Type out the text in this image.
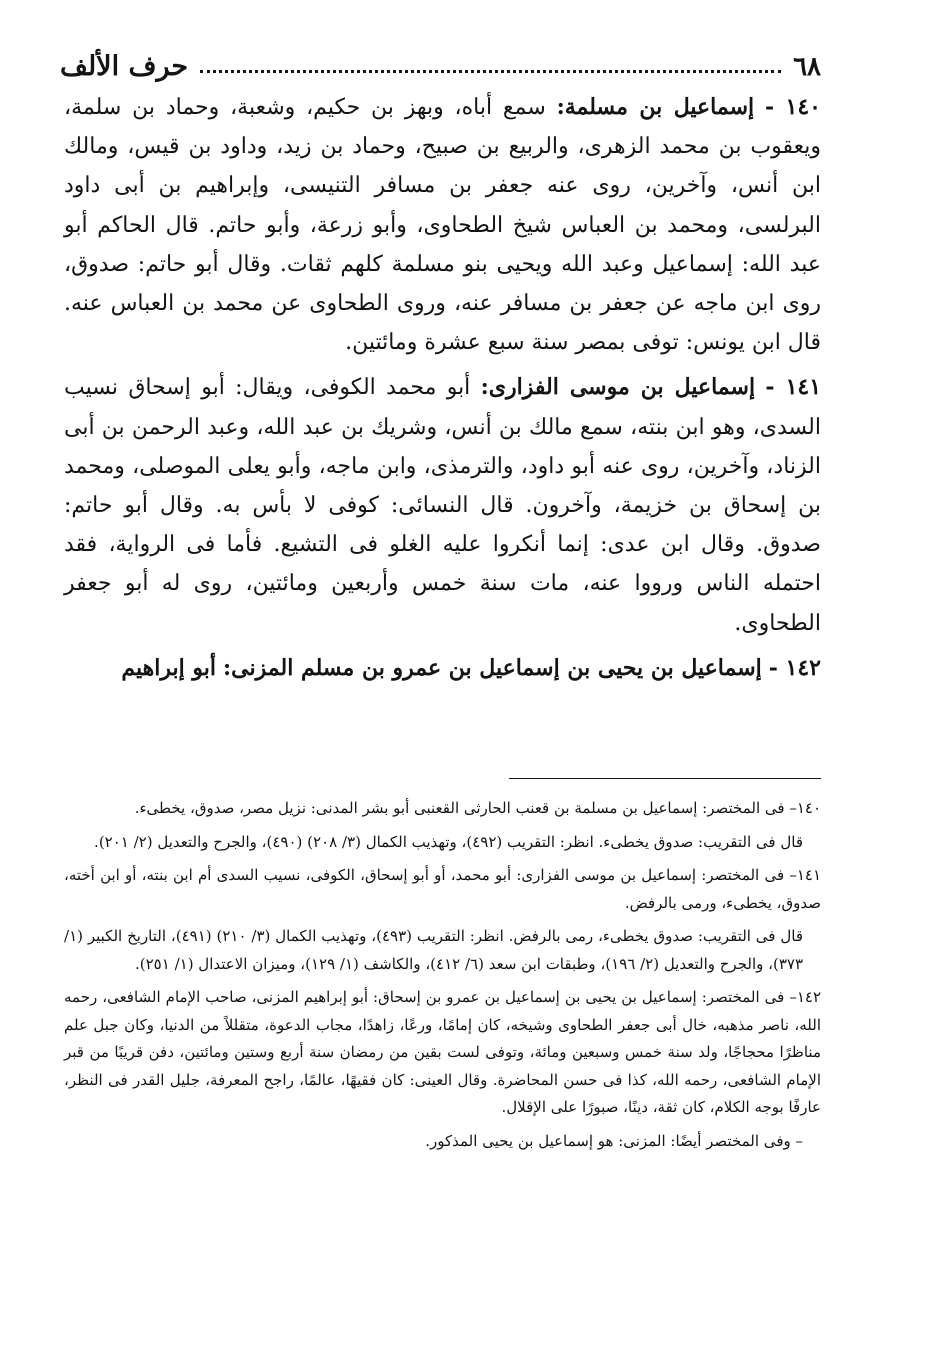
٦٨
حرف الألف

١٤٠ - إسماعيل بن مسلمة: سمع أباه، وبهز بن حكيم، وشعبة، وحماد بن سلمة، ويعقوب بن محمد الزهرى، والربيع بن صبيح، وحماد بن زيد، وداود بن قيس، ومالك ابن أنس، وآخرين، روى عنه جعفر بن مسافر التنيسى، وإبراهيم بن أبى داود البرلسى، ومحمد بن العباس شيخ الطحاوى، وأبو زرعة، وأبو حاتم. قال الحاكم أبو عبد الله: إسماعيل وعبد الله ويحيى بنو مسلمة كلهم ثقات. وقال أبو حاتم: صدوق، روى ابن ماجه عن جعفر بن مسافر عنه، وروى الطحاوى عن محمد بن العباس عنه. قال ابن يونس: توفى بمصر سنة سبع عشرة ومائتين.

١٤١ - إسماعيل بن موسى الفزارى: أبو محمد الكوفى، ويقال: أبو إسحاق نسيب السدى، وهو ابن بنته، سمع مالك بن أنس، وشريك بن عبد الله، وعبد الرحمن بن أبى الزناد، وآخرين، روى عنه أبو داود، والترمذى، وابن ماجه، وأبو يعلى الموصلى، ومحمد بن إسحاق بن خزيمة، وآخرون. قال النسائى: كوفى لا بأس به. وقال أبو حاتم: صدوق. وقال ابن عدى: إنما أنكروا عليه الغلو فى التشيع. فأما فى الرواية، فقد احتمله الناس ورووا عنه، مات سنة خمس وأربعين ومائتين، روى له أبو جعفر الطحاوى.

١٤٢ - إسماعيل بن يحيى بن إسماعيل بن عمرو بن مسلم المزنى: أبو إبراهيم

١٤٠– فى المختصر: إسماعيل بن مسلمة بن قعنب الحارثى القعنبى أبو بشر المدنى: نزيل مصر، صدوق، يخطىء.

قال فى التقريب: صدوق يخطىء. انظر: التقريب (٤٩٢)، وتهذيب الكمال (٣/ ٢٠٨) (٤٩٠)، والجرح والتعديل (٢/ ٢٠١).

١٤١– فى المختصر: إسماعيل بن موسى الفزارى: أبو محمد، أو أبو إسحاق، الكوفى، نسيب السدى أم ابن بنته، أو ابن أخته، صدوق، يخطىء، ورمى بالرفض.

قال فى التقريب: صدوق يخطىء، رمى بالرفض. انظر: التقريب (٤٩٣)، وتهذيب الكمال (٣/ ٢١٠) (٤٩١)، التاريخ الكبير (١/ ٣٧٣)، والجرح والتعديل (٢/ ١٩٦)، وطبقات ابن سعد (٦/ ٤١٢)، والكاشف (١/ ١٢٩)، وميزان الاعتدال (١/ ٢٥١).

١٤٢– فى المختصر: إسماعيل بن يحيى بن إسماعيل بن عمرو بن إسحاق: أبو إبراهيم المزنى، صاحب الإمام الشافعى، رحمه الله، ناصر مذهبه، خال أبى جعفر الطحاوى وشيخه، كان إمامًا، ورعًا، زاهدًا، مجاب الدعوة، متقللاً من الدنيا، وكان جبل علم مناظرًا محجاجًا، ولد سنة خمس وسبعين ومائة، وتوفى لست بقين من رمضان سنة أربع وستين ومائتين، دفن قريبًا من قبر الإمام الشافعى، رحمه الله، كذا فى حسن المحاضرة. وقال العينى: كان فقيهًا، عالمًا، راجح المعرفة، جليل القدر فى النظر، عارفًا بوجه الكلام، كان ثقة، دينًا، صبورًا على الإقلال.

– وفى المختصر أيضًا: المزنى: هو إسماعيل بن يحيى المذكور.
